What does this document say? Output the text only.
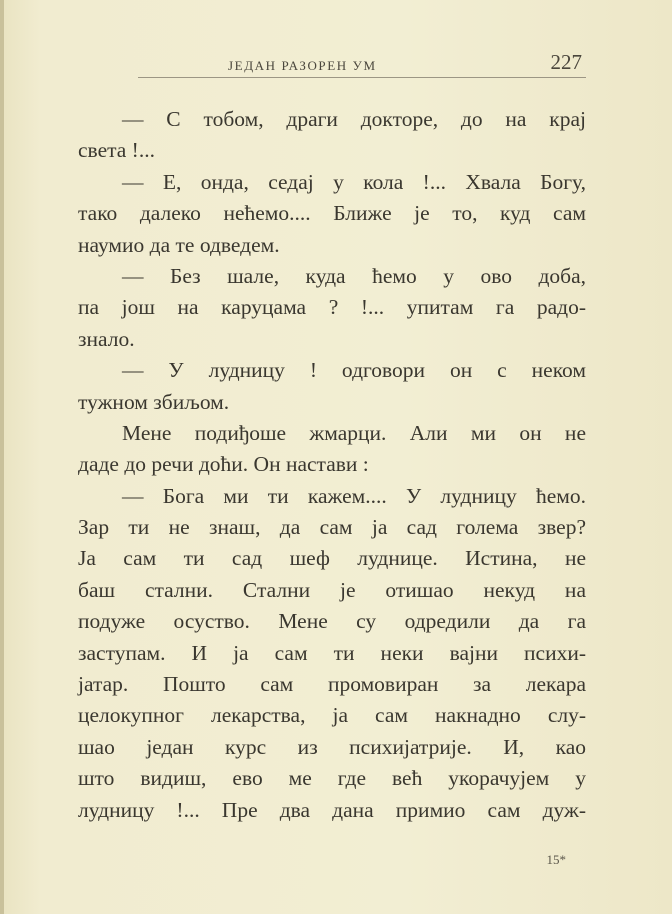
ЈЕДАН РАЗОРЕН УМ	227
— С тобом, драги докторе, до на крај
света !...
— Е, онда, седај у кола !... Хвала Богу,
тако далеко нећемо.... Ближе је то, куд сам
наумио да те одведем.
— Без шале, куда ћемо у ово доба,
па још на каруцама ? !... упитам га радо-
знало.
— У лудницу ! одговори он с неком
тужном збиљом.
Мене подиђоше жмарци. Али ми он не
даде до речи доћи. Он настави :
— Бога ми ти кажем.... У лудницу ћемо.
Зар ти не знаш, да сам ја сад голема звер?
Ја сам ти сад шеф луднице. Истина, не
баш стални. Стални је отишао некуд на
подуже осуство. Мене су одредили да га
заступам. И ја сам ти неки вајни психи-
јатар. Пошто сам промовиран за лекара
целокупног лекарства, ја сам накнадно слу-
шао један курс из психијатрије. И, као
што видиш, ево ме где већ укорачујем у
лудницу !... Пре два дана примио сам дуж-
15*
